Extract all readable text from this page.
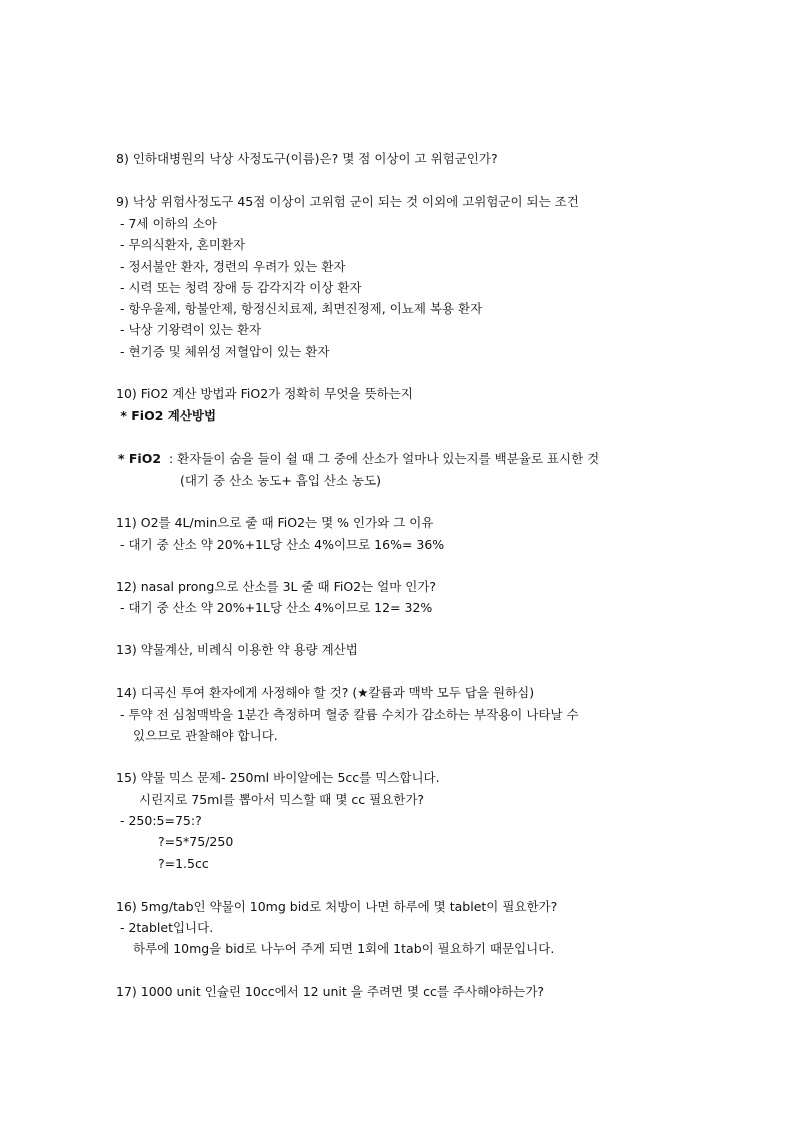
8) 인하대병원의 낙상 사정도구(이름)은? 몇 점 이상이 고 위험군인가?
9) 낙상 위험사정도구 45점 이상이 고위험 군이 되는 것 이외에 고위험군이 되는 조건
- 7세 이하의 소아
- 무의식환자, 혼미환자
- 정서불안 환자, 경련의 우려가 있는 환자
- 시력 또는 청력 장애 등 감각지각 이상 환자
- 항우울제, 항불안제, 항정신치료제, 최면진정제, 이뇨제 복용 환자
- 낙상 기왕력이 있는 환자
- 현기증 및 체위성 저혈압이 있는 환자
10) FiO2 계산 방법과 FiO2가 정확히 무엇을 뜻하는지
* FiO2 계산방법
* FiO2 : 환자들이 숨을 들이 쉴 때 그 중에 산소가 얼마나 있는지를 백분율로 표시한 것
(대기 중 산소 농도+ 흡입 산소 농도)
11) O2를 4L/min으로 줄 때 FiO2는 몇 % 인가와 그 이유
- 대기 중 산소 약 20%+1L당 산소 4%이므로 16%= 36%
12) nasal prong으로 산소를 3L 줄 때 FiO2는 얼마 인가?
- 대기 중 산소 약 20%+1L당 산소 4%이므로 12= 32%
13) 약물계산, 비례식 이용한 약 용량 계산법
14) 디곡신 투여 환자에게 사정해야 할 것? (★칼륨과 맥박 모두 답을 원하심)
- 투약 전 심첨맥박을 1분간 측정하며 혈중 칼륨 수치가 감소하는 부작용이 나타날 수
있으므로 관찰해야 합니다.
15) 약물 믹스 문제- 250ml 바이알에는 5cc를 믹스합니다.
시린지로 75ml를 뽑아서 믹스할 때 몇 cc 필요한가?
- 250:5=75:?
?=5*75/250
?=1.5cc
16) 5mg/tab인 약물이 10mg bid로 처방이 나면 하루에 몇 tablet이 필요한가?
- 2tablet입니다.
하루에 10mg을 bid로 나누어 주게 되면 1회에 1tab이 필요하기 때문입니다.
17) 1000 unit 인슐린 10cc에서 12 unit 을 주려면 몇 cc를 주사해야하는가?
